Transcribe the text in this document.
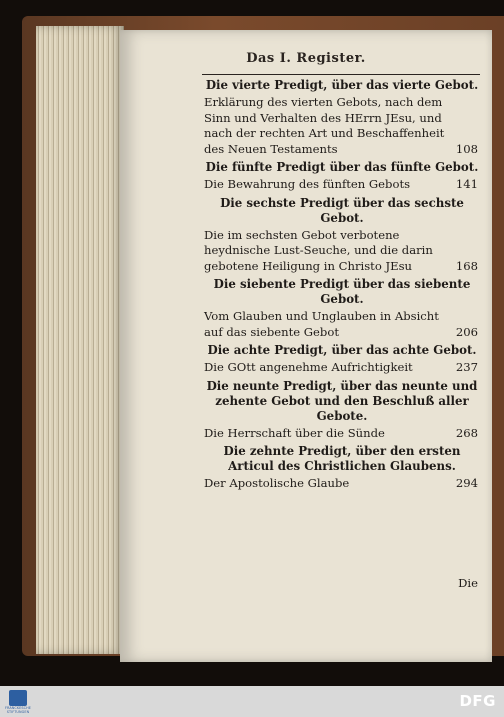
Das I. Register.

Die vierte Predigt, über das vierte Gebot.

Erklärung des vierten Gebots, nach dem Sinn und Verhalten des HErrn JEsu, und nach der rechten Art und Beschaffenheit des Neuen Testaments	108

Die fünfte Predigt über das fünfte Gebot.

Die Bewahrung des fünften Gebots	141

Die sechste Predigt über das sechste Gebot.

Die im sechsten Gebot verbotene heydnische Lust-Seuche, und die darin gebotene Heiligung in Christo JEsu	168

Die siebente Predigt über das siebente Gebot.

Vom Glauben und Unglauben in Absicht auf das siebente Gebot	206

Die achte Predigt, über das achte Gebot.

Die GOtt angenehme Aufrichtigkeit	237

Die neunte Predigt, über das neunte und zehente Gebot und den Beschluß aller Gebote.

Die Herrschaft über die Sünde	268

Die zehnte Predigt, über den ersten Articul des Christlichen Glaubens.

Der Apostolische Glaube	294
Die
FRANCKESCHE STIFTUNGEN
DFG
